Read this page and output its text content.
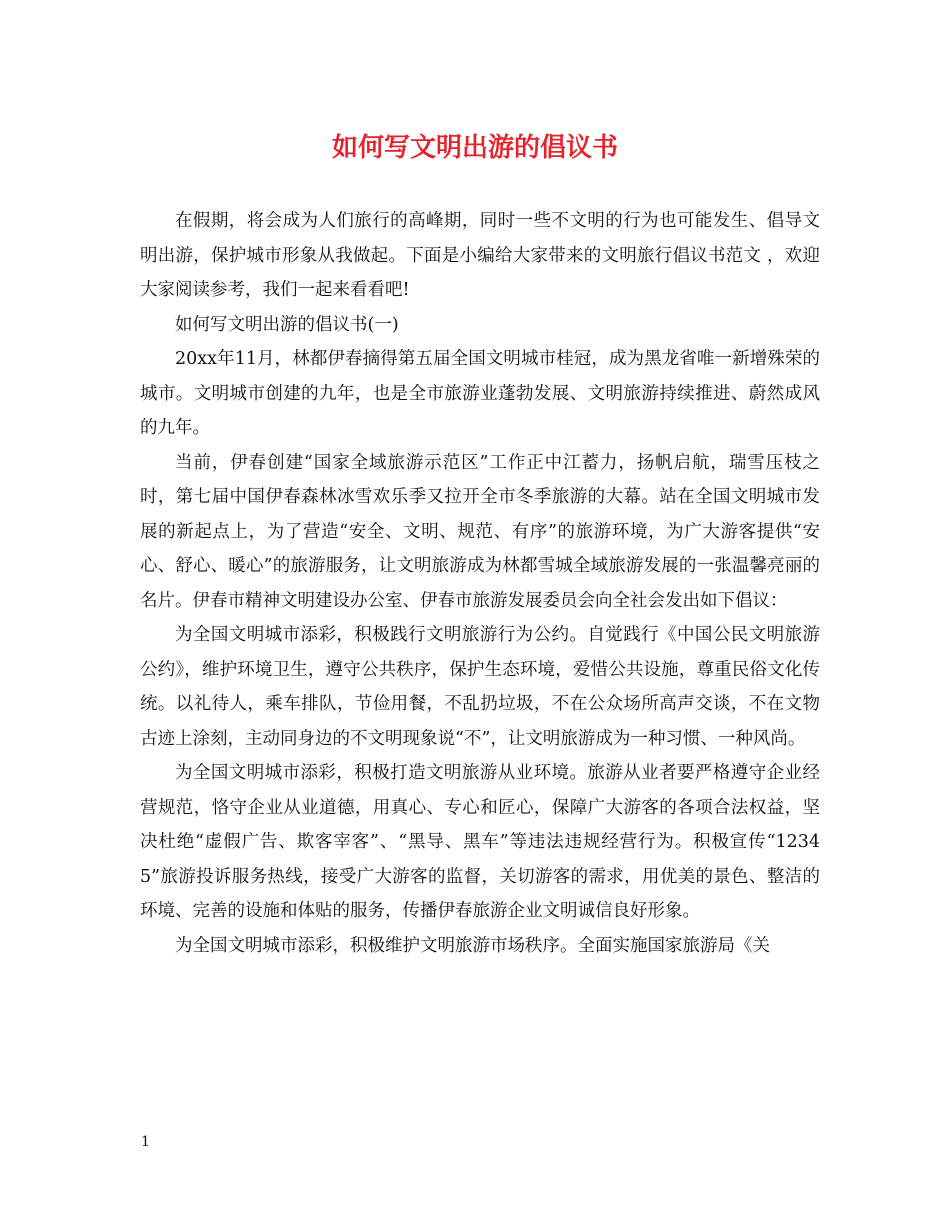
如何写文明出游的倡议书

在假期，将会成为人们旅行的高峰期，同时一些不文明的行为也可能发生、倡导文明出游，保护城市形象从我做起。下面是小编给大家带来的文明旅行倡议书范文 ，欢迎大家阅读参考，我们一起来看看吧!

如何写文明出游的倡议书(一)

20xx年11月，林都伊春摘得第五届全国文明城市桂冠，成为黑龙省唯一新增殊荣的城市。文明城市创建的九年，也是全市旅游业蓬勃发展、文明旅游持续推进、蔚然成风的九年。

当前，伊春创建“国家全域旅游示范区”工作正中江蓄力，扬帆启航，瑞雪压枝之时，第七届中国伊春森林冰雪欢乐季又拉开全市冬季旅游的大幕。站在全国文明城市发展的新起点上，为了营造“安全、文明、规范、有序”的旅游环境，为广大游客提供“安心、舒心、暖心”的旅游服务，让文明旅游成为林都雪城全域旅游发展的一张温馨亮丽的名片。伊春市精神文明建设办公室、伊春市旅游发展委员会向全社会发出如下倡议：

为全国文明城市添彩，积极践行文明旅游行为公约。自觉践行《中国公民文明旅游公约》，维护环境卫生，遵守公共秩序，保护生态环境，爱惜公共设施，尊重民俗文化传统。以礼待人，乘车排队，节俭用餐，不乱扔垃圾，不在公众场所高声交谈，不在文物古迹上涂刻，主动同身边的不文明现象说“不”，让文明旅游成为一种习惯、一种风尚。

为全国文明城市添彩，积极打造文明旅游从业环境。旅游从业者要严格遵守企业经营规范，恪守企业从业道德，用真心、专心和匠心，保障广大游客的各项合法权益，坚决杜绝“虚假广告、欺客宰客”、“黑导、黑车”等违法违规经营行为。积极宣传“12345”旅游投诉服务热线，接受广大游客的监督，关切游客的需求，用优美的景色、整洁的环境、完善的设施和体贴的服务，传播伊春旅游企业文明诚信良好形象。

为全国文明城市添彩，积极维护文明旅游市场秩序。全面实施国家旅游局《关

1
